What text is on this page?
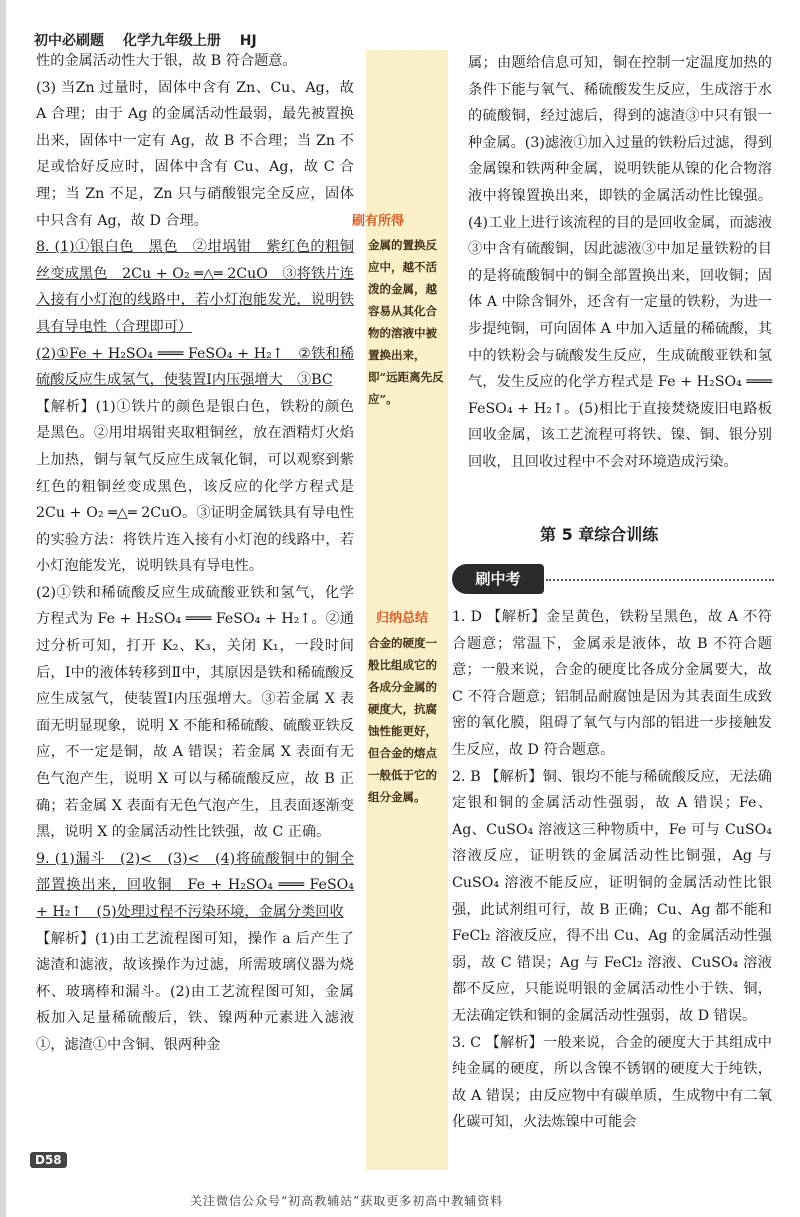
初中必刷题 化学九年级上册 HJ

性的金属活动性大于银，故 B 符合题意。

(3) 当Zn 过量时，固体中含有 Zn、Cu、Ag，故 A 合理；由于 Ag 的金属活动性最弱，最先被置换出来，固体中一定有 Ag，故 B 不合理；当 Zn 不足或恰好反应时，固体中含有 Cu、Ag，故 C 合理；当 Zn 不足，Zn 只与硝酸银完全反应，固体中只含有 Ag，故 D 合理。

8. (1)①银白色　黑色　②坩埚钳　紫红色的粗铜丝变成黑色　2Cu + O₂ ═△═ 2CuO　③将铁片连入接有小灯泡的线路中，若小灯泡能发光，说明铁具有导电性（合理即可）

(2)①Fe + H₂SO₄ ═══ FeSO₄ + H₂↑　②铁和稀硫酸反应生成氢气，使装置Ⅰ内压强增大　③BC

【解析】(1)①铁片的颜色是银白色，铁粉的颜色是黑色。②用坩埚钳夹取粗铜丝，放在酒精灯火焰上加热，铜与氧气反应生成氧化铜，可以观察到紫红色的粗铜丝变成黑色，该反应的化学方程式是 2Cu + O₂ ═△═ 2CuO。③证明金属铁具有导电性的实验方法：将铁片连入接有小灯泡的线路中，若小灯泡能发光，说明铁具有导电性。

(2)①铁和稀硫酸反应生成硫酸亚铁和氢气，化学方程式为 Fe + H₂SO₄ ═══ FeSO₄ + H₂↑。②通过分析可知，打开 K₂、K₃，关闭 K₁，一段时间后，Ⅰ中的液体转移到Ⅱ中，其原因是铁和稀硫酸反应生成氢气，使装置Ⅰ内压强增大。③若金属 X 表面无明显现象，说明 X 不能和稀硫酸、硫酸亚铁反应，不一定是铜，故 A 错误；若金属 X 表面有无色气泡产生，说明 X 可以与稀硫酸反应，故 B 正确；若金属 X 表面有无色气泡产生，且表面逐渐变黑，说明 X 的金属活动性比铁强，故 C 正确。

9. (1)漏斗　(2)<　(3)<　(4)将硫酸铜中的铜全部置换出来，回收铜　Fe + H₂SO₄ ═══ FeSO₄ + H₂↑　(5)处理过程不污染环境，金属分类回收

【解析】(1)由工艺流程图可知，操作 a 后产生了滤渣和滤液，故该操作为过滤，所需玻璃仪器为烧杯、玻璃棒和漏斗。(2)由工艺流程图可知，金属板加入足量稀硫酸后，铁、镍两种元素进入滤液①，滤渣①中含铜、银两种金

刷有所得
金属的置换反应中，越不活泼的金属，越容易从其化合物的溶液中被置换出来，即“远距离先反应”。
归纳总结
合金的硬度一般比组成它的各成分金属的硬度大，抗腐蚀性能更好，但合金的熔点一般低于它的组分金属。

属；由题给信息可知，铜在控制一定温度加热的条件下能与氧气、稀硫酸发生反应，生成溶于水的硫酸铜，经过滤后，得到的滤渣③中只有银一种金属。(3)滤液①加入过量的铁粉后过滤，得到金属镍和铁两种金属，说明铁能从镍的化合物溶液中将镍置换出来，即铁的金属活动性比镍强。(4)工业上进行该流程的目的是回收金属，而滤液③中含有硫酸铜，因此滤液③中加足量铁粉的目的是将硫酸铜中的铜全部置换出来，回收铜；固体 A 中除含铜外，还含有一定量的铁粉，为进一步提纯铜，可向固体 A 中加入适量的稀硫酸，其中的铁粉会与硫酸发生反应，生成硫酸亚铁和氢气，发生反应的化学方程式是 Fe + H₂SO₄ ═══ FeSO₄ + H₂↑。(5)相比于直接焚烧废旧电路板回收金属，该工艺流程可将铁、镍、铜、银分别回收，且回收过程中不会对环境造成污染。

第 5 章综合训练
刷中考

1. D 【解析】金呈黄色，铁粉呈黑色，故 A 不符合题意；常温下，金属汞是液体，故 B 不符合题意；一般来说，合金的硬度比各成分金属要大，故 C 不符合题意；铝制品耐腐蚀是因为其表面生成致密的氧化膜，阻碍了氧气与内部的铝进一步接触发生反应，故 D 符合题意。

2. B 【解析】铜、银均不能与稀硫酸反应，无法确定银和铜的金属活动性强弱，故 A 错误；Fe、Ag、CuSO₄ 溶液这三种物质中，Fe 可与 CuSO₄ 溶液反应，证明铁的金属活动性比铜强，Ag 与 CuSO₄ 溶液不能反应，证明铜的金属活动性比银强，此试剂组可行，故 B 正确；Cu、Ag 都不能和 FeCl₂ 溶液反应，得不出 Cu、Ag 的金属活动性强弱，故 C 错误；Ag 与 FeCl₂ 溶液、CuSO₄ 溶液都不反应，只能说明银的金属活动性小于铁、铜，无法确定铁和铜的金属活动性强弱，故 D 错误。

3. C 【解析】一般来说，合金的硬度大于其组成中纯金属的硬度，所以含镍不锈钢的硬度大于纯铁，故 A 错误；由反应物中有碳单质，生成物中有二氧化碳可知，火法炼镍中可能会

D58
关注微信公众号“初高教辅站”获取更多初高中教辅资料
